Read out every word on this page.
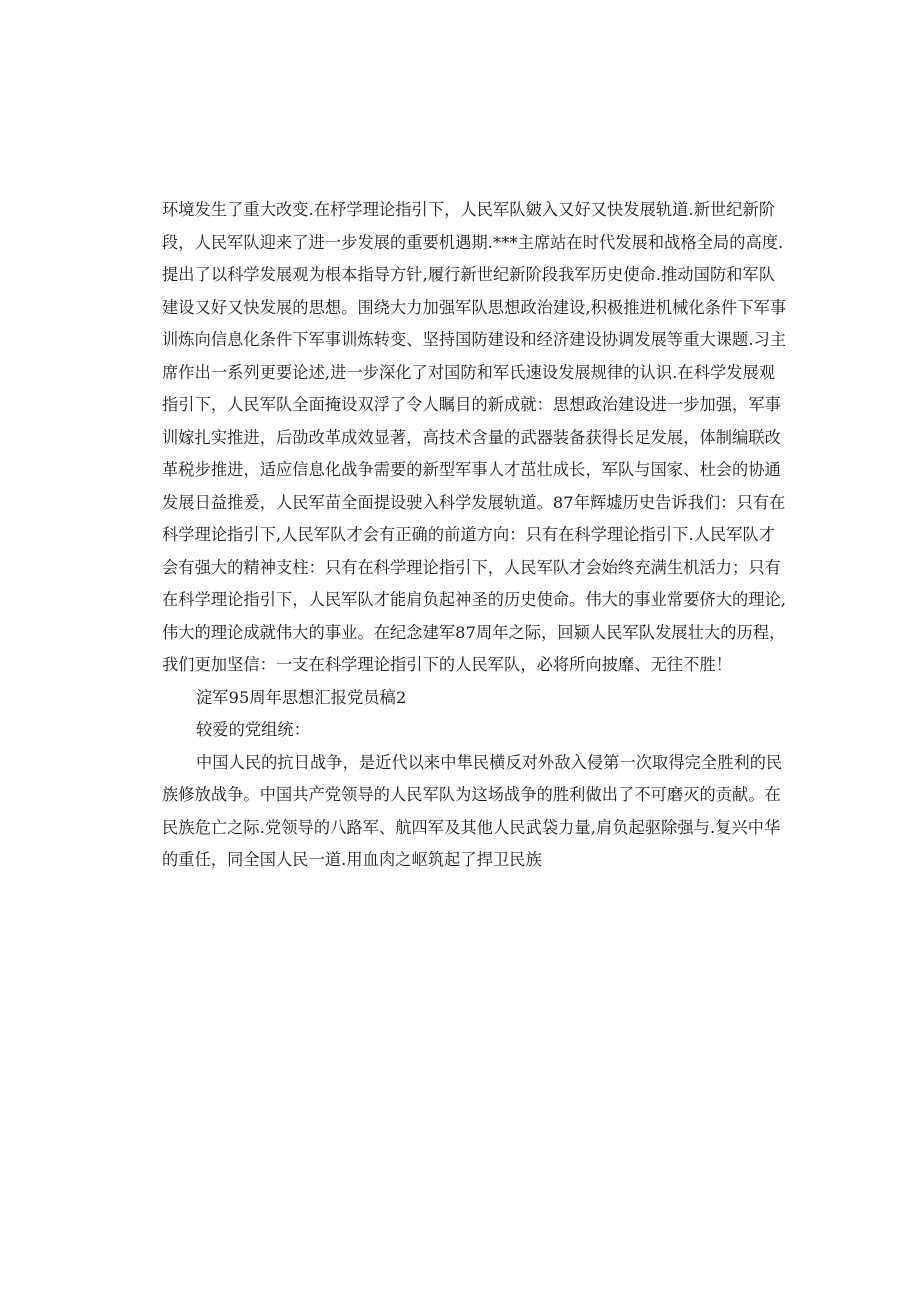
环境发生了重大改变.在杼学理论指引下，人民军队皴入又好又快发展轨道.新世纪新阶
段，人民军队迎来了进一步发展的重要机遇期.***主席站在时代发展和战格全局的高度.
提出了以科学发展观为根本指导方针,履行新世纪新阶段我军历史使命.推动国防和军队
建设又好又快发展的思想。围绕大力加强军队思想政治建设,积极推进机械化条件下军事
训炼向信息化条件下军事训炼转变、坚持国防建设和经济建设协调发展等重大课题.习主
席作出一系列更要论述,进一步深化了对国防和军氏速设发展规律的认识.在科学发展观
指引下，人民军队全面掩设双浮了令人瞩目的新成就：思想政治建设进一步加强，军事
训嫁扎实推进，后劭改革成效显著，高技术含量的武器装备获得长足发展，体制编联改
革税步推进，适应信息化战争需要的新型军事人才茁壮成长，军队与国家、杜会的协通
发展日益推爰，人民军苗全面提设驶入科学发展轨道。87年辉墟历史告诉我们：只有在
科学理论指引下,人民军队才会有正确的前道方向：只有在科学理论指引下.人民军队才
会有强大的精神支柱：只有在科学理论指引下，人民军队才会始终充满生机活力；只有
在科学理论指引下，人民军队才能肩负起神圣的历史使命。伟大的事业常要侪大的理论,
伟大的理论成就伟大的事业。在纪念建军87周年之际，回颍人民军队发展壮大的历程，
我们更加坚信：一支在科学理论指引下的人民军队，必将所向披靡、无往不胜！
淀军95周年思想汇报党员稿2
较爱的党组统：
中国人民的抗日战争，是近代以来中隼民横反对外敌入侵第一次取得完全胜利的民
族修放战争。中国共产党领导的人民军队为这场战争的胜利做出了不可磨灭的贡献。在
民族危亡之际.党领导的八路军、航四军及其他人民武袋力量,肩负起驱除强与.复兴中华
的重任，同全国人民一道.用血肉之岖筑起了捍卫民族
